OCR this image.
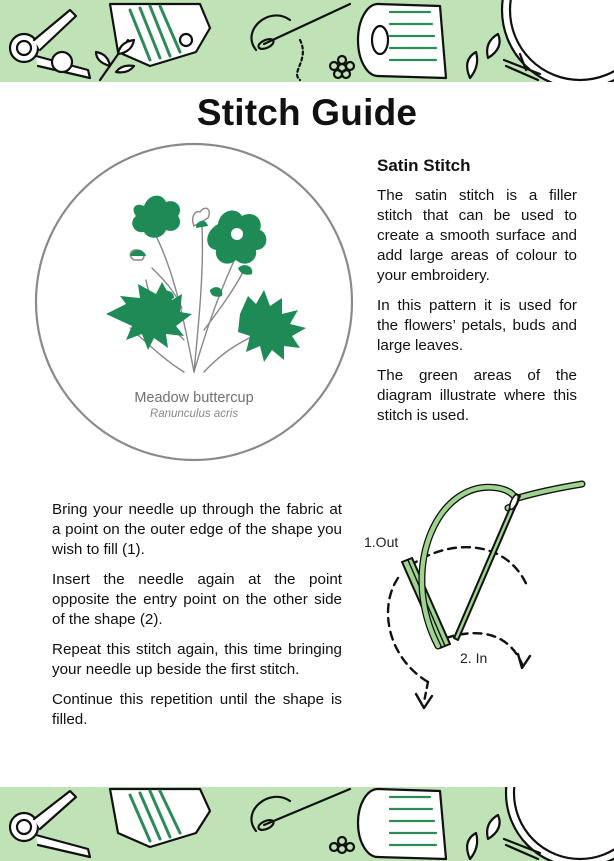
Stitch Guide
Meadow buttercup
Ranunculus acris
Satin Stitch

The satin stitch is a filler stitch that can be used to create a smooth surface and add large areas of colour to your embroidery.

In this pattern it is used for the flowers’ petals, buds and large leaves.

The green areas of the diagram illustrate where this stitch is used.

Bring your needle up through the fabric at a point on the outer edge of the shape you wish to fill (1).

Insert the needle again at the point opposite the entry point on the other side of the shape (2).

Repeat this stitch again, this time bringing your needle up beside the first stitch.

Continue this repetition until the shape is filled.

1.Out
2. In
